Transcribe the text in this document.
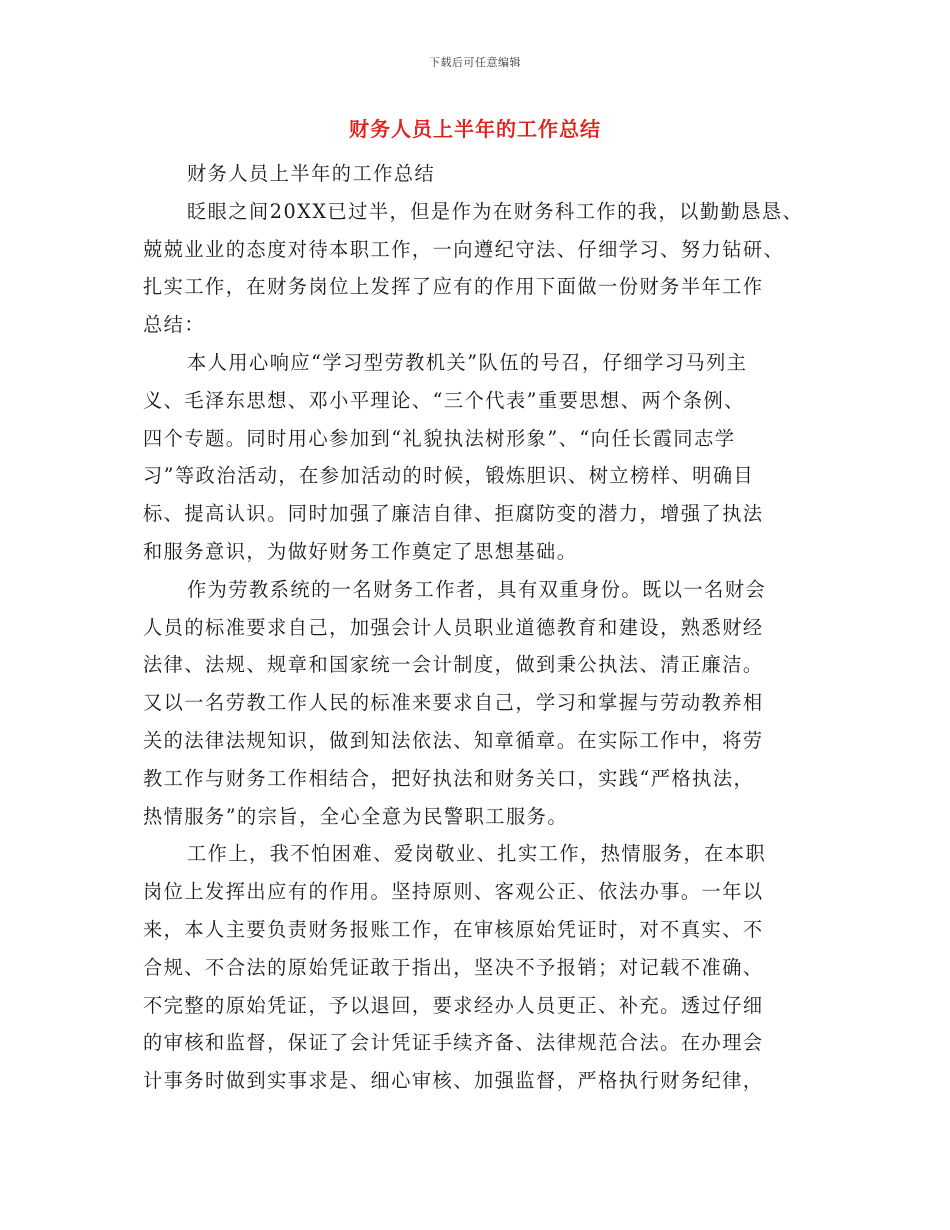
下载后可任意编辑
财务人员上半年的工作总结
财务人员上半年的工作总结
眨眼之间20XX已过半，但是作为在财务科工作的我，以勤勤恳恳、
兢兢业业的态度对待本职工作，一向遵纪守法、仔细学习、努力钻研、
扎实工作，在财务岗位上发挥了应有的作用下面做一份财务半年工作
总结：
本人用心响应“学习型劳教机关”队伍的号召，仔细学习马列主
义、毛泽东思想、邓小平理论、“三个代表”重要思想、两个条例、
四个专题。同时用心参加到“礼貌执法树形象”、“向任长霞同志学
习”等政治活动，在参加活动的时候，锻炼胆识、树立榜样、明确目
标、提高认识。同时加强了廉洁自律、拒腐防变的潜力，增强了执法
和服务意识，为做好财务工作奠定了思想基础。
作为劳教系统的一名财务工作者，具有双重身份。既以一名财会
人员的标准要求自己，加强会计人员职业道德教育和建设，熟悉财经
法律、法规、规章和国家统一会计制度，做到秉公执法、清正廉洁。
又以一名劳教工作人民的标准来要求自己，学习和掌握与劳动教养相
关的法律法规知识，做到知法依法、知章循章。在实际工作中，将劳
教工作与财务工作相结合，把好执法和财务关口，实践“严格执法，
热情服务”的宗旨，全心全意为民警职工服务。
工作上，我不怕困难、爱岗敬业、扎实工作，热情服务，在本职
岗位上发挥出应有的作用。坚持原则、客观公正、依法办事。一年以
来，本人主要负责财务报账工作，在审核原始凭证时，对不真实、不
合规、不合法的原始凭证敢于指出，坚决不予报销；对记载不准确、
不完整的原始凭证，予以退回，要求经办人员更正、补充。透过仔细
的审核和监督，保证了会计凭证手续齐备、法律规范合法。在办理会
计事务时做到实事求是、细心审核、加强监督，严格执行财务纪律，
